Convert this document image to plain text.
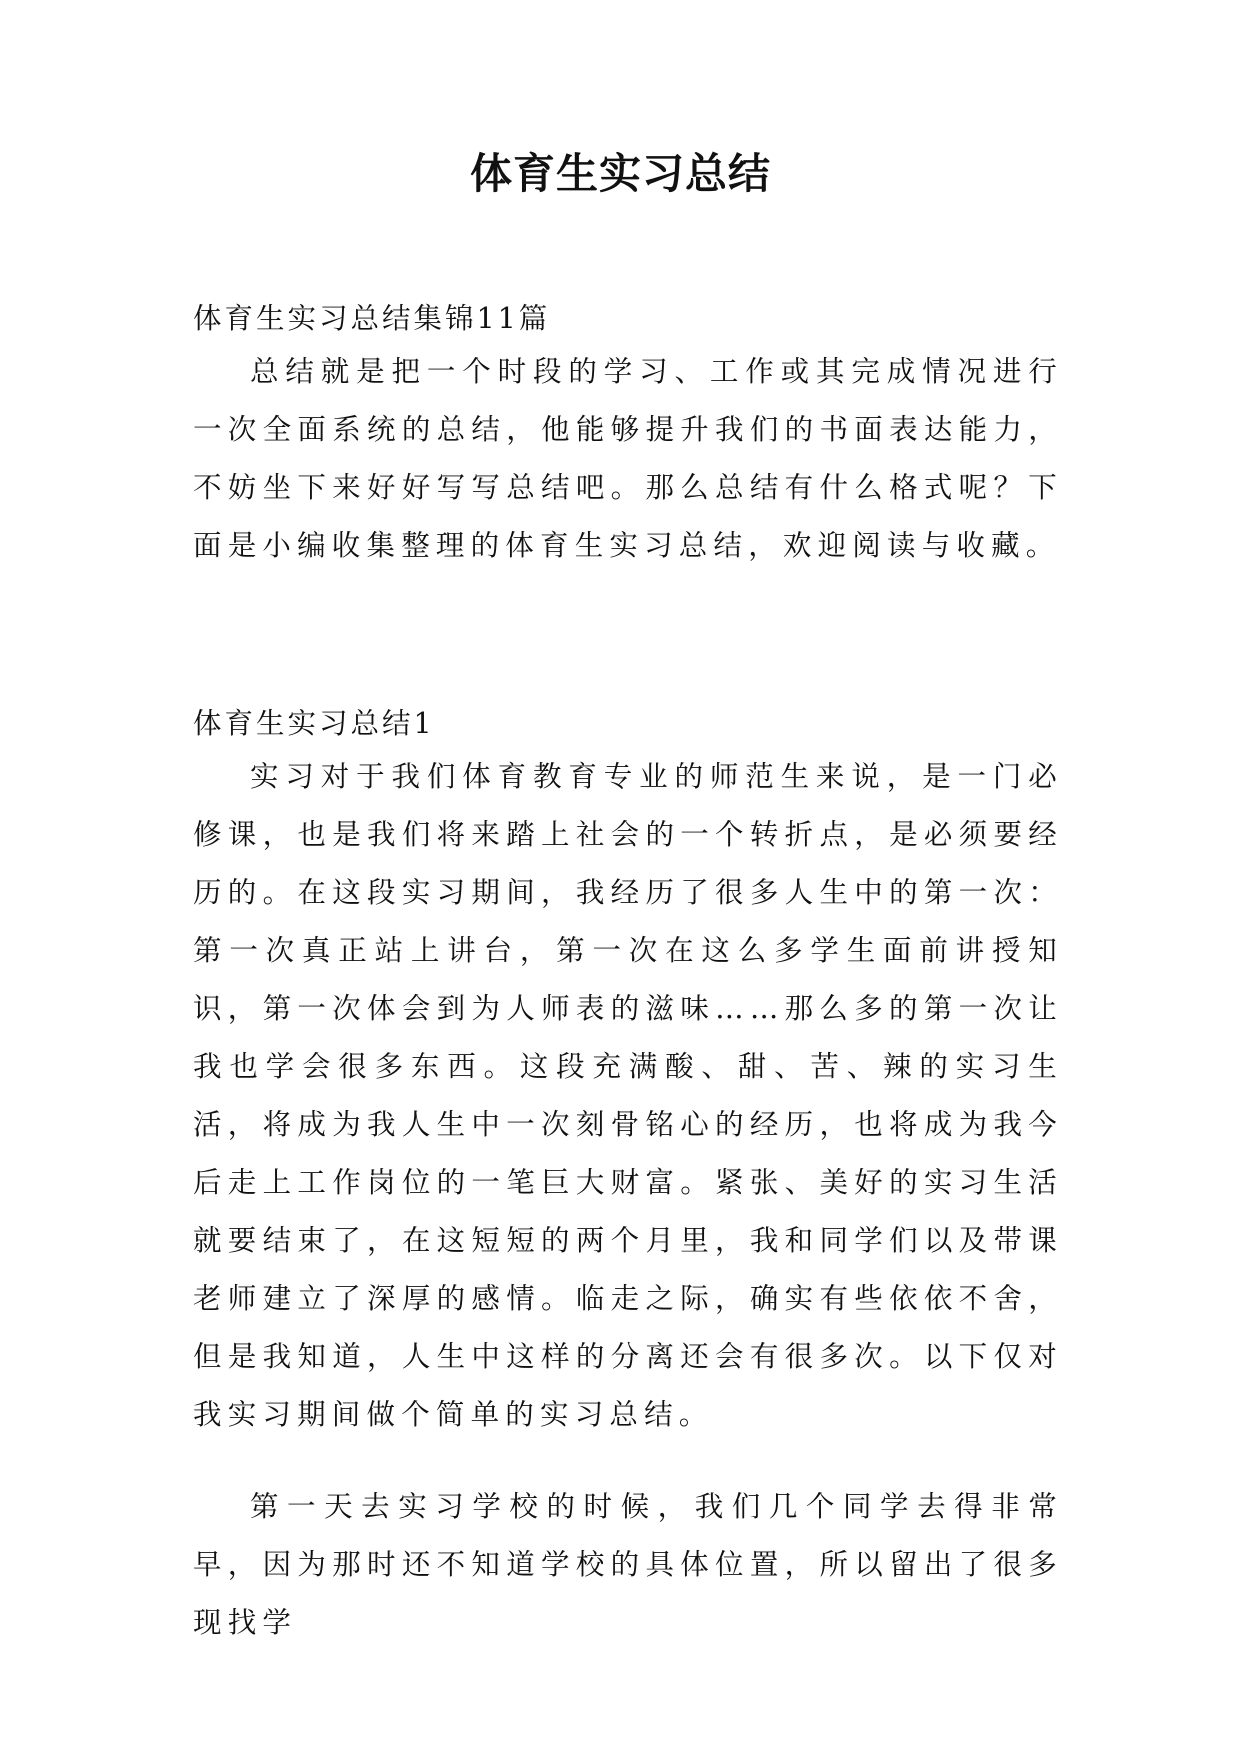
体育生实习总结

体育生实习总结集锦11篇

总结就是把一个时段的学习、工作或其完成情况进行一次全面系统的总结，他能够提升我们的书面表达能力，不妨坐下来好好写写总结吧。那么总结有什么格式呢？下面是小编收集整理的体育生实习总结，欢迎阅读与收藏。

体育生实习总结1

实习对于我们体育教育专业的师范生来说，是一门必修课，也是我们将来踏上社会的一个转折点，是必须要经历的。在这段实习期间，我经历了很多人生中的第一次：第一次真正站上讲台，第一次在这么多学生面前讲授知识，第一次体会到为人师表的滋味……那么多的第一次让我也学会很多东西。这段充满酸、甜、苦、辣的实习生活，将成为我人生中一次刻骨铭心的经历，也将成为我今后走上工作岗位的一笔巨大财富。紧张、美好的实习生活就要结束了，在这短短的两个月里，我和同学们以及带课老师建立了深厚的感情。临走之际，确实有些依依不舍，但是我知道，人生中这样的分离还会有很多次。以下仅对我实习期间做个简单的实习总结。

第一天去实习学校的时候，我们几个同学去得非常早，因为那时还不知道学校的具体位置，所以留出了很多现找学
